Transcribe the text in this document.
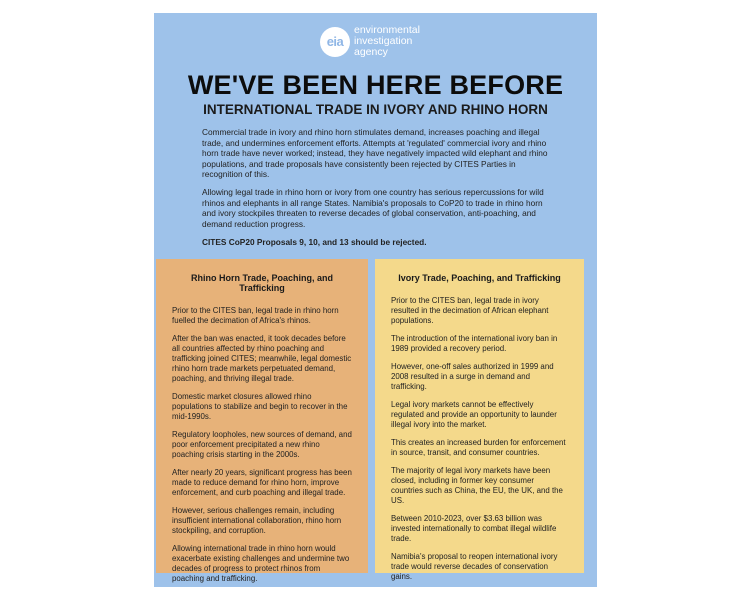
eia
environmental
investigation
agency
WE'VE BEEN HERE BEFORE
INTERNATIONAL TRADE IN IVORY AND RHINO HORN

Commercial trade in ivory and rhino horn stimulates demand, increases poaching and illegal trade, and undermines enforcement efforts. Attempts at 'regulated' commercial ivory and rhino horn trade have never worked; instead, they have negatively impacted wild elephant and rhino populations, and trade proposals have consistently been rejected by CITES Parties in recognition of this.

Allowing legal trade in rhino horn or ivory from one country has serious repercussions for wild rhinos and elephants in all range States. Namibia's proposals to CoP20 to trade in rhino horn and ivory stockpiles threaten to reverse decades of global conservation, anti-poaching, and demand reduction progress.

CITES CoP20 Proposals 9, 10, and 13 should be rejected.

Rhino Horn Trade, Poaching, and Trafficking

Prior to the CITES ban, legal trade in rhino horn fuelled the decimation of Africa's rhinos.

After the ban was enacted, it took decades before all countries affected by rhino poaching and trafficking joined CITES; meanwhile, legal domestic rhino horn trade markets perpetuated demand, poaching, and thriving illegal trade.

Domestic market closures allowed rhino populations to stabilize and begin to recover in the mid-1990s.

Regulatory loopholes, new sources of demand, and poor enforcement precipitated a new rhino poaching crisis starting in the 2000s.

After nearly 20 years, significant progress has been made to reduce demand for rhino horn, improve enforcement, and curb poaching and illegal trade.

However, serious challenges remain, including insufficient international collaboration, rhino horn stockpiling, and corruption.

Allowing international trade in rhino horn would exacerbate existing challenges and undermine two decades of progress to protect rhinos from poaching and trafficking.

Ivory Trade, Poaching, and Trafficking

Prior to the CITES ban, legal trade in ivory resulted in the decimation of African elephant populations.

The introduction of the international ivory ban in 1989 provided a recovery period.

However, one-off sales authorized in 1999 and 2008 resulted in a surge in demand and trafficking.

Legal ivory markets cannot be effectively regulated and provide an opportunity to launder illegal ivory into the market.

This creates an increased burden for enforcement in source, transit, and consumer countries.

The majority of legal ivory markets have been closed, including in former key consumer countries such as China, the EU, the UK, and the US.

Between 2010-2023, over $3.63 billion was invested internationally to combat illegal wildlife trade.

Namibia's proposal to reopen international ivory trade would reverse decades of conservation gains.
